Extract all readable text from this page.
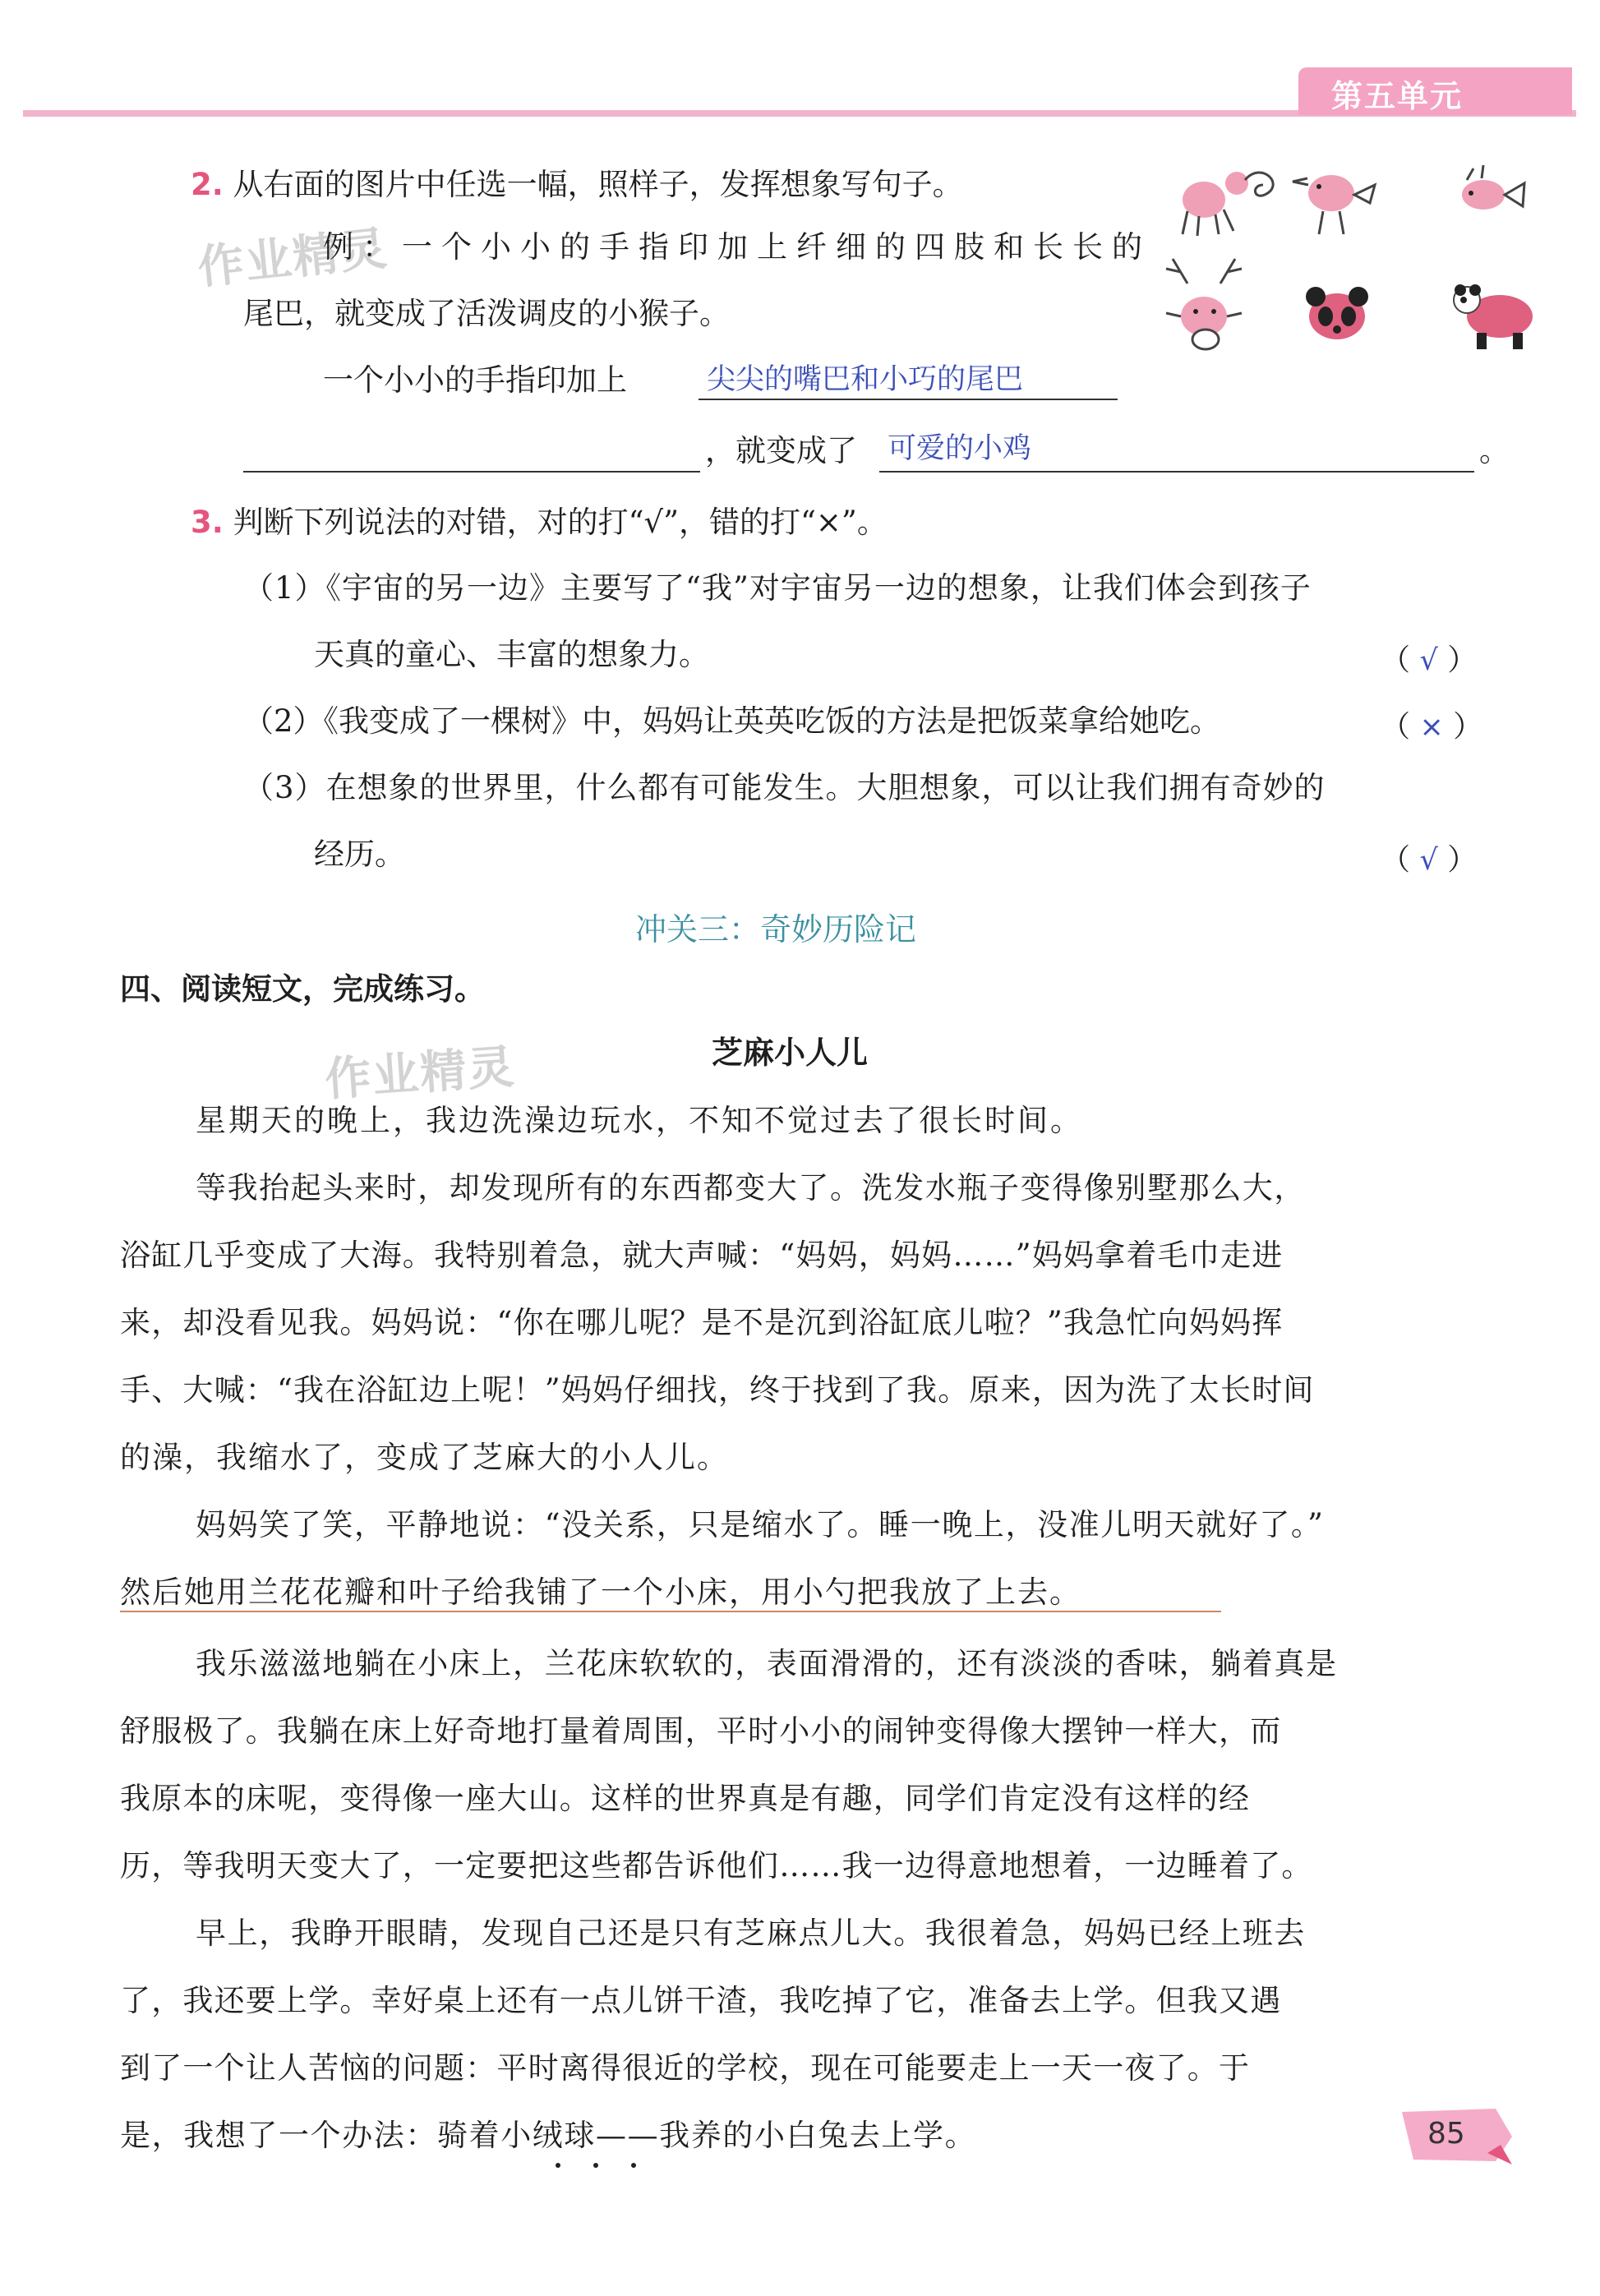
第五单元
作业精灵
2. 从右面的图片中任选一幅，照样子，发挥想象写句子。
例：一个小小的手指印加上纤细的四肢和长长的
尾巴，就变成了活泼调皮的小猴子。
一个小小的手指印加上	尖尖的嘴巴和小巧的尾巴
，就变成了 可爱的小鸡	。
3. 判断下列说法的对错，对的打“√”，错的打“×”。
（1）《宇宙的另一边》主要写了“我”对宇宙另一边的想象，让我们体会到孩子
天真的童心、丰富的想象力。	（ √ ）
（2）《我变成了一棵树》中，妈妈让英英吃饭的方法是把饭菜拿给她吃。	（ × ）
（3）在想象的世界里，什么都有可能发生。大胆想象，可以让我们拥有奇妙的
经历。	（ √ ）
冲关三：奇妙历险记
四、阅读短文，完成练习。
作业精灵	芝麻小人儿
星期天的晚上，我边洗澡边玩水，不知不觉过去了很长时间。
等我抬起头来时，却发现所有的东西都变大了。洗发水瓶子变得像别墅那么大，
浴缸几乎变成了大海。我特别着急，就大声喊：“妈妈，妈妈……”妈妈拿着毛巾走进
来，却没看见我。妈妈说：“你在哪儿呢？是不是沉到浴缸底儿啦？”我急忙向妈妈挥
手、大喊：“我在浴缸边上呢！”妈妈仔细找，终于找到了我。原来，因为洗了太长时间
的澡，我缩水了，变成了芝麻大的小人儿。
妈妈笑了笑，平静地说：“没关系，只是缩水了。睡一晚上，没准儿明天就好了。”
然后她用兰花花瓣和叶子给我铺了一个小床，用小勺把我放了上去。
我乐滋滋地躺在小床上，兰花床软软的，表面滑滑的，还有淡淡的香味，躺着真是
舒服极了。我躺在床上好奇地打量着周围，平时小小的闹钟变得像大摆钟一样大，而
我原本的床呢，变得像一座大山。这样的世界真是有趣，同学们肯定没有这样的经
历，等我明天变大了，一定要把这些都告诉他们……我一边得意地想着，一边睡着了。
早上，我睁开眼睛，发现自己还是只有芝麻点儿大。我很着急，妈妈已经上班去
了，我还要上学。幸好桌上还有一点儿饼干渣，我吃掉了它，准备去上学。但我又遇
到了一个让人苦恼的问题：平时离得很近的学校，现在可能要走上一天一夜了。于
是，我想了一个办法：骑着小绒球——我养的小白兔去上学。	85
